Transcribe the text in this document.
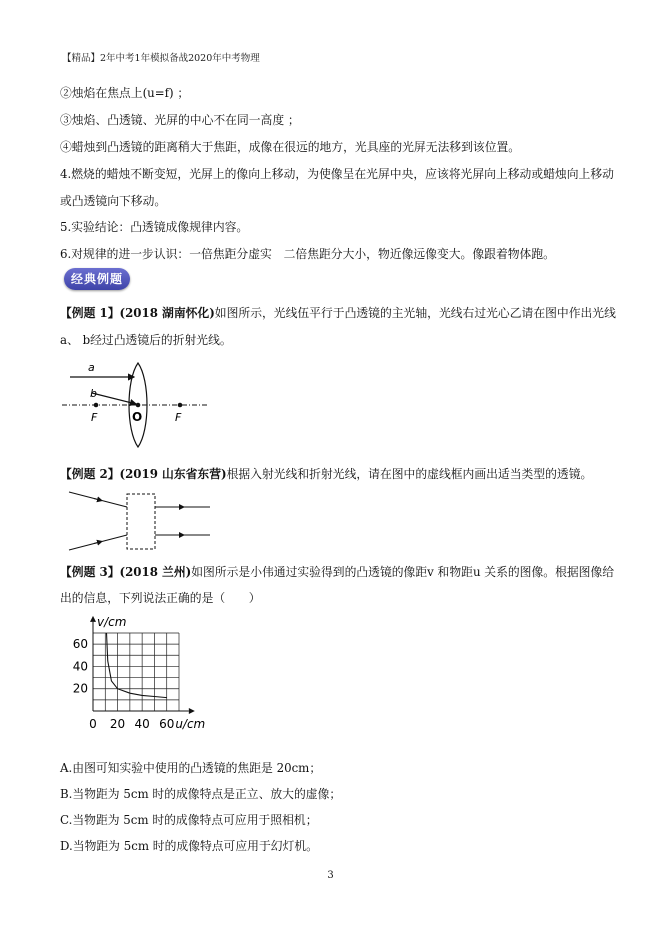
【精品】2年中考1年模拟备战2020年中考物理
②烛焰在焦点上(u=f) ；
③烛焰、凸透镜、光屏的中心不在同一高度 ；
④蜡烛到凸透镜的距离稍大于焦距，成像在很远的地方，光具座的光屏无法移到该位置。
4.燃烧的蜡烛不断变短，光屏上的像向上移动，为使像呈在光屏中央，应该将光屏向上移动或蜡烛向上移动
或凸透镜向下移动。
5.实验结论：凸透镜成像规律内容。
6.对规律的进一步认识：一倍焦距分虚实　二倍焦距分大小，物近像远像变大。像跟着物体跑。
经典例题
【例题 1】(2018 湖南怀化)如图所示，光线伍平行于凸透镜的主光轴，光线右过光心乙请在图中作出光线
a、 b经过凸透镜后的折射光线。
a
b
F	O	F
【例题 2】(2019 山东省东营)根据入射光线和折射光线，请在图中的虚线框内画出适当类型的透镜。
【例题 3】(2018 兰州)如图所示是小伟通过实验得到的凸透镜的像距v 和物距u 关系的图像。根据图像给
出的信息，下列说法正确的是（　　）
0 20 40 60
20
40
60
v/cm
u/cm
A.由图可知实验中使用的凸透镜的焦距是 20cm；
B.当物距为 5cm 时的成像特点是正立、放大的虚像；
C.当物距为 5cm 时的成像特点可应用于照相机；
D.当物距为 5cm 时的成像特点可应用于幻灯机。
3
